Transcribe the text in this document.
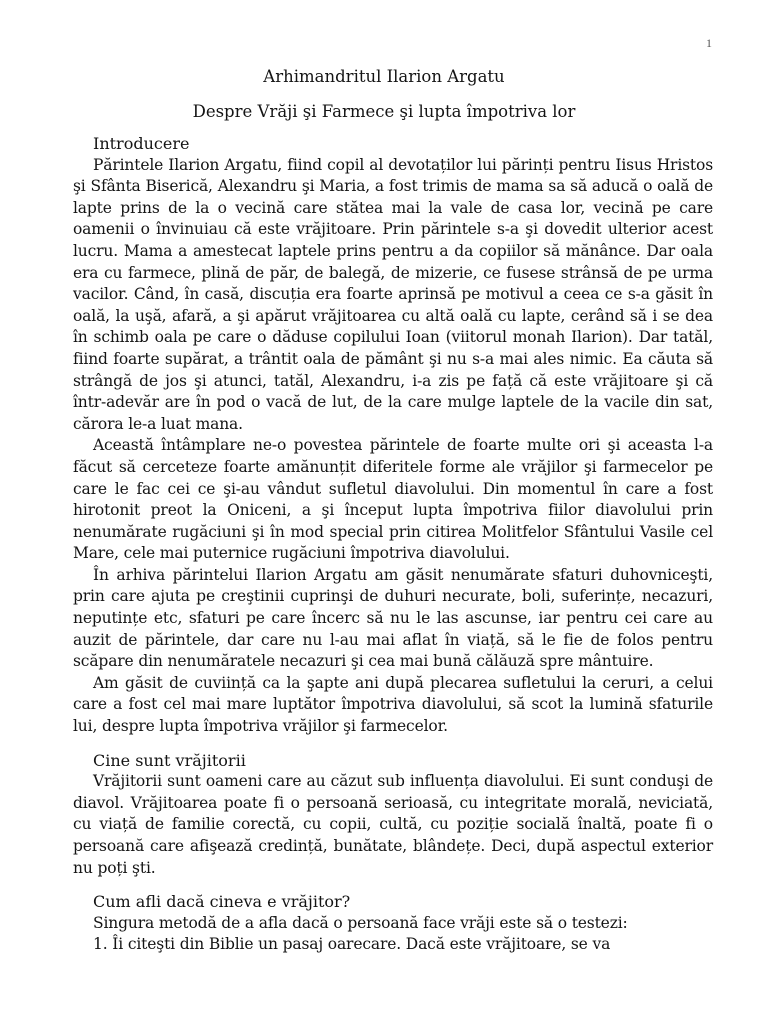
1
Arhimandritul Ilarion Argatu
Despre Vrăji şi Farmece şi lupta împotriva lor
Introducere

Părintele Ilarion Argatu, fiind copil al devotaților lui părinți pentru Iisus Hristos şi Sfânta Biserică, Alexandru şi Maria, a fost trimis de mama sa să aducă o oală de lapte prins de la o vecină care stătea mai la vale de casa lor, vecină pe care oamenii o învinuiau că este vrăjitoare. Prin părintele s-a şi dovedit ulterior acest lucru. Mama a amestecat laptele prins pentru a da copiilor să mănânce. Dar oala era cu farmece, plină de păr, de balegă, de mizerie, ce fusese strânsă de pe urma vacilor. Când, în casă, discuția era foarte aprinsă pe motivul a ceea ce s-a găsit în oală, la uşă, afară, a şi apărut vrăjitoarea cu altă oală cu lapte, cerând să i se dea în schimb oala pe care o dăduse copilului Ioan (viitorul monah Ilarion). Dar tatăl, fiind foarte supărat, a trântit oala de pământ şi nu s-a mai ales nimic. Ea căuta să strângă de jos şi atunci, tatăl, Alexandru, i-a zis pe față că este vrăjitoare şi că într-adevăr are în pod o vacă de lut, de la care mulge laptele de la vacile din sat, cărora le-a luat mana.

Această întâmplare ne-o povestea părintele de foarte multe ori şi aceasta l-a făcut să cerceteze foarte amănunțit diferitele forme ale vrăjilor şi farmecelor pe care le fac cei ce şi-au vândut sufletul diavolului. Din momentul în care a fost hirotonit preot la Oniceni, a şi început lupta împotriva fiilor diavolului prin nenumărate rugăciuni şi în mod special prin citirea Molitfelor Sfântului Vasile cel Mare, cele mai puternice rugăciuni împotriva diavolului.

În arhiva părintelui Ilarion Argatu am găsit nenumărate sfaturi duhovniceşti, prin care ajuta pe creştinii cuprinşi de duhuri necurate, boli, suferințe, necazuri, neputințe etc, sfaturi pe care încerc să nu le las ascunse, iar pentru cei care au auzit de părintele, dar care nu l-au mai aflat în viață, să le fie de folos pentru scăpare din nenumăratele necazuri şi cea mai bună călăuză spre mântuire.

Am găsit de cuviință ca la şapte ani după plecarea sufletului la ceruri, a celui care a fost cel mai mare luptător împotriva diavolului, să scot la lumină sfaturile lui, despre lupta împotriva vrăjilor şi farmecelor.

Cine sunt vrăjitorii

Vrăjitorii sunt oameni care au căzut sub influența diavolului. Ei sunt conduşi de diavol. Vrăjitoarea poate fi o persoană serioasă, cu integritate morală, neviciată, cu viață de familie corectă, cu copii, cultă, cu poziție socială înaltă, poate fi o persoană care afişează credință, bunătate, blândețe. Deci, după aspectul exterior nu poți şti.

Cum afli dacă cineva e vrăjitor?

Singura metodă de a afla dacă o persoană face vrăji este să o testezi:

1. Îi citeşti din Biblie un pasaj oarecare. Dacă este vrăjitoare, se va
